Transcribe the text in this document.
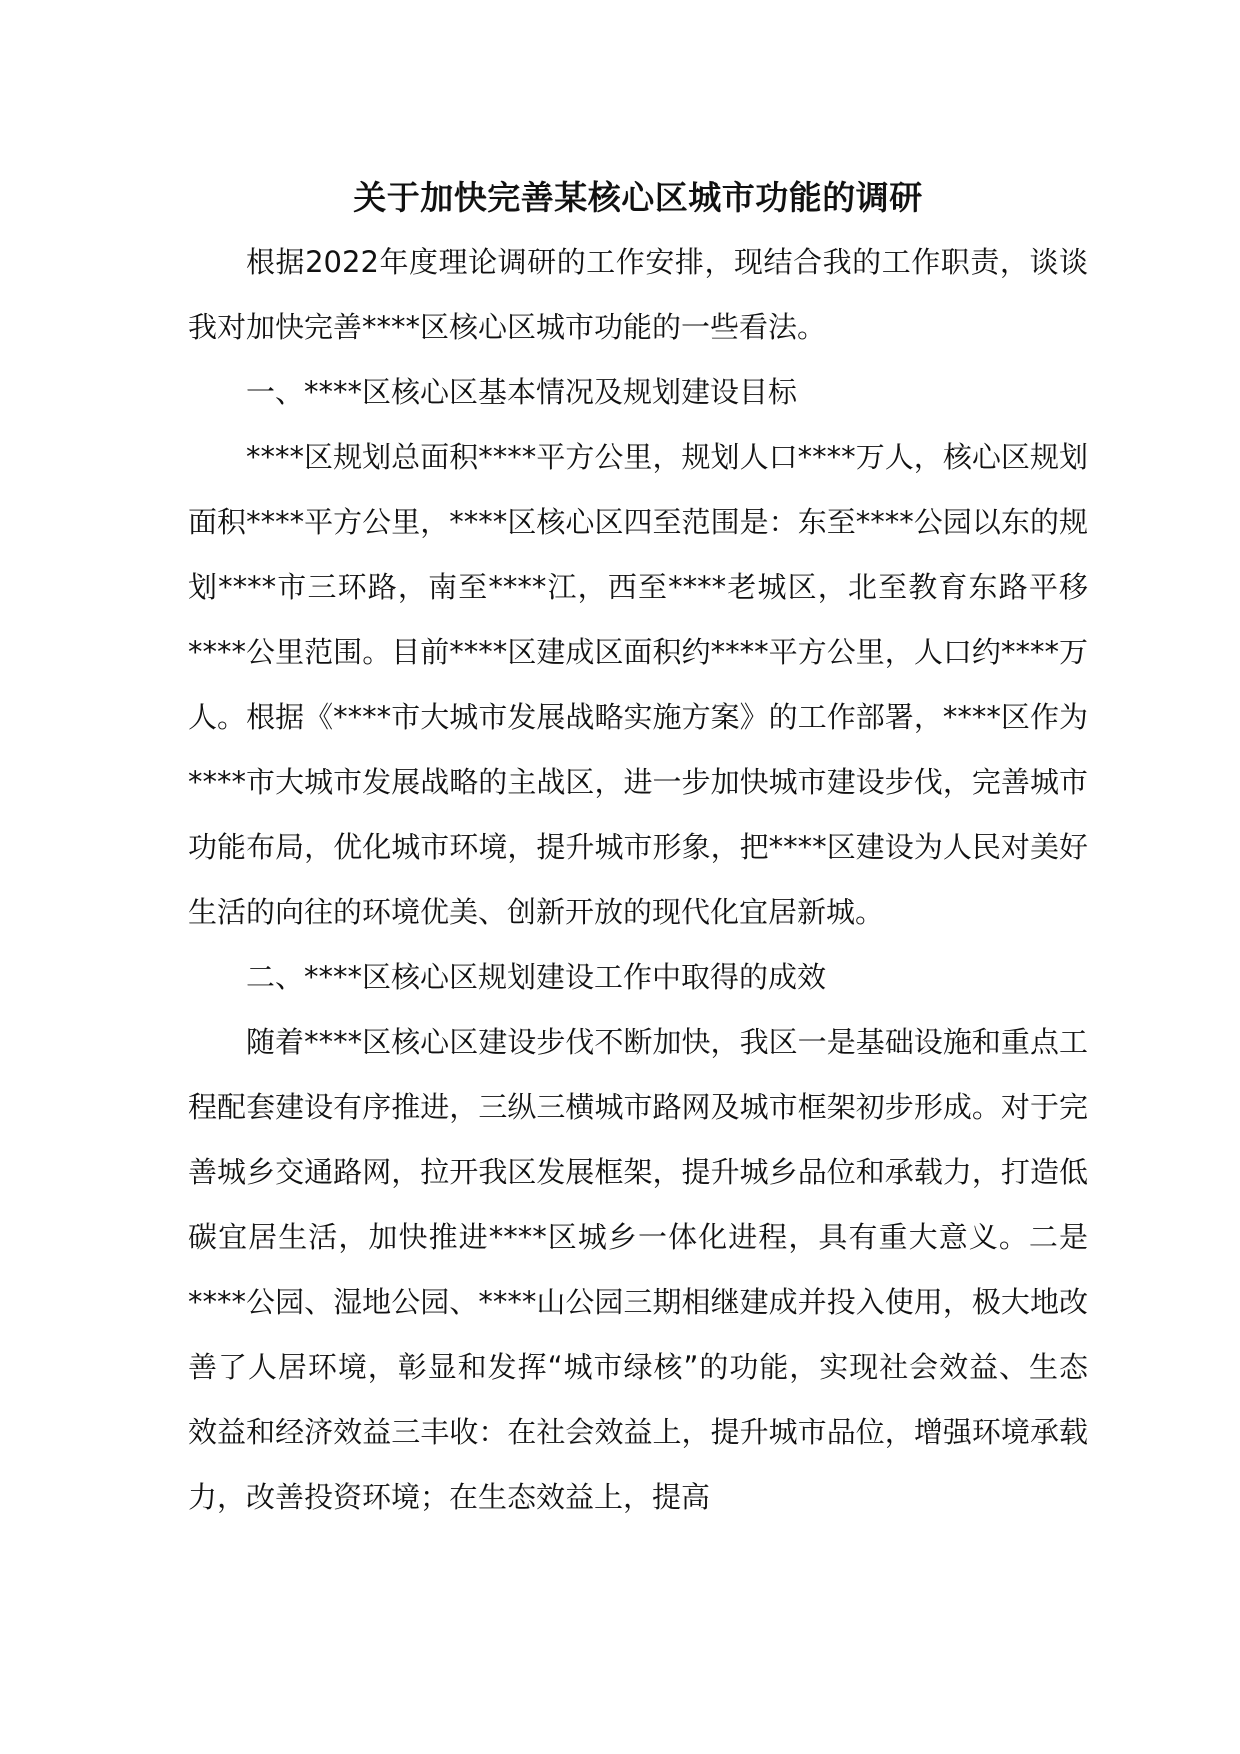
关于加快完善某核心区城市功能的调研

根据2022年度理论调研的工作安排，现结合我的工作职责，谈谈我对加快完善****区核心区城市功能的一些看法。

一、****区核心区基本情况及规划建设目标

****区规划总面积****平方公里，规划人口****万人，核心区规划面积****平方公里，****区核心区四至范围是：东至****公园以东的规划****市三环路，南至****江，西至****老城区，北至教育东路平移****公里范围。目前****区建成区面积约****平方公里，人口约****万人。根据《****市大城市发展战略实施方案》的工作部署，****区作为****市大城市发展战略的主战区，进一步加快城市建设步伐，完善城市功能布局，优化城市环境，提升城市形象，把****区建设为人民对美好生活的向往的环境优美、创新开放的现代化宜居新城。

二、****区核心区规划建设工作中取得的成效

随着****区核心区建设步伐不断加快，我区一是基础设施和重点工程配套建设有序推进，三纵三横城市路网及城市框架初步形成。对于完善城乡交通路网，拉开我区发展框架，提升城乡品位和承载力，打造低碳宜居生活，加快推进****区城乡一体化进程，具有重大意义。二是****公园、湿地公园、****山公园三期相继建成并投入使用，极大地改善了人居环境，彰显和发挥“城市绿核”的功能，实现社会效益、生态效益和经济效益三丰收：在社会效益上，提升城市品位，增强环境承载力，改善投资环境；在生态效益上，提高
